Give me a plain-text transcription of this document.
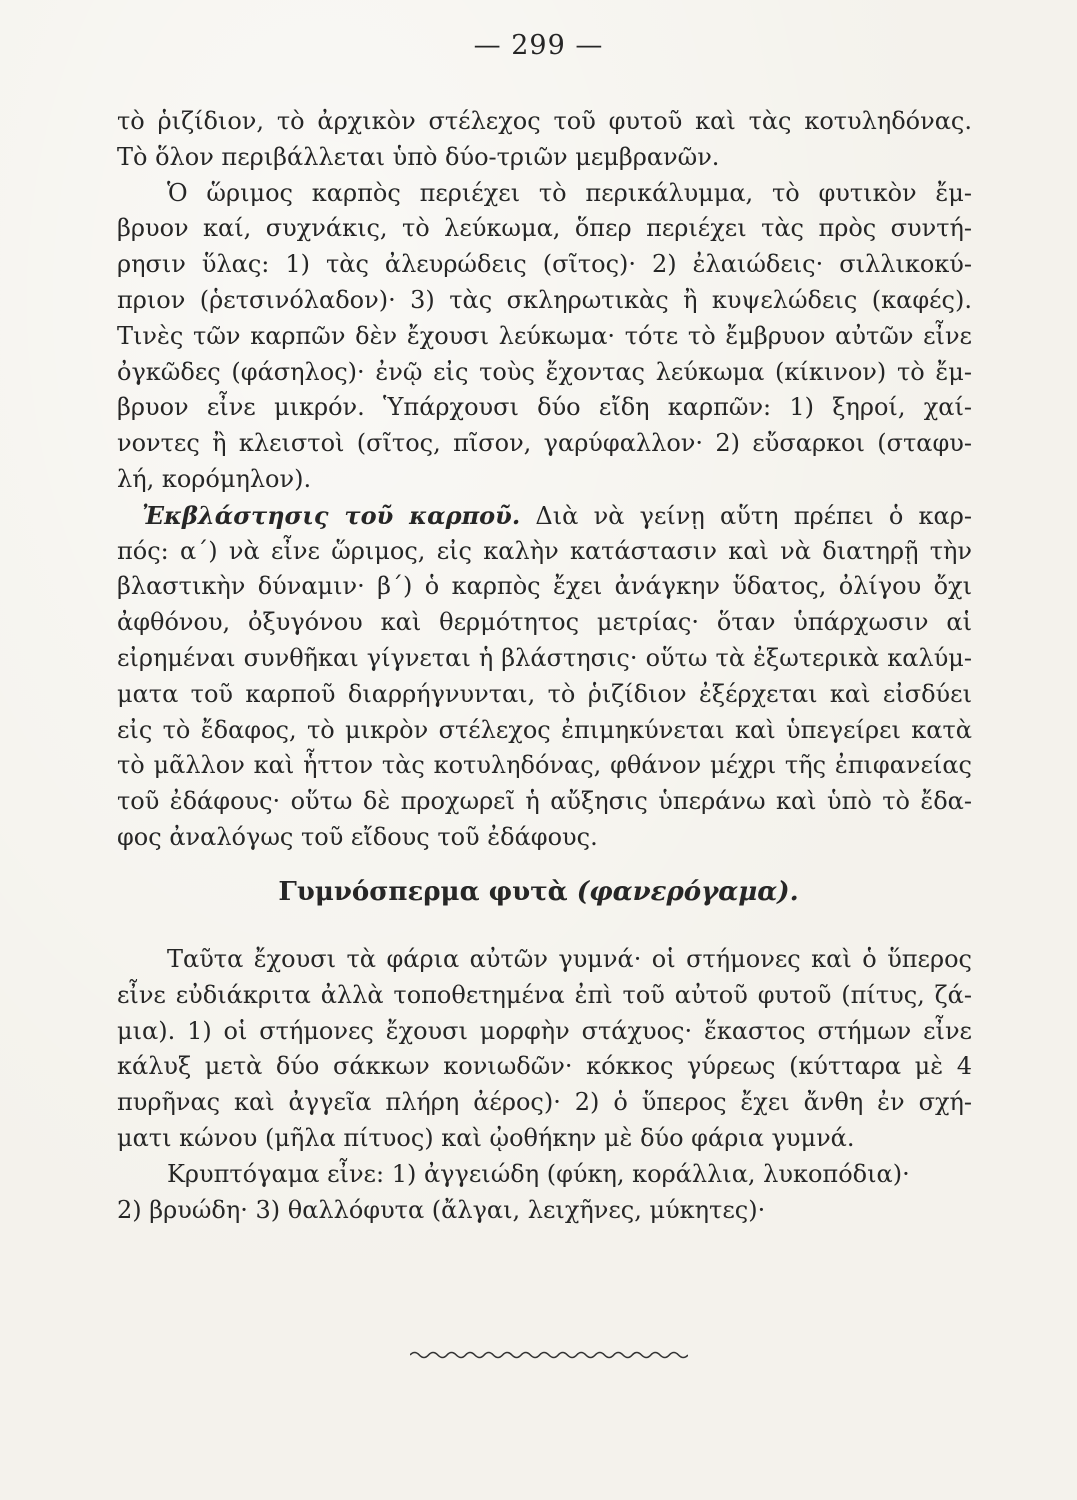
— 299 —
τὸ ῥιζίδιον, τὸ ἀρχικὸν στέλεχος τοῦ φυτοῦ καὶ τὰς κοτυληδόνας.
Τὸ ὅλον περιβάλλεται ὑπὸ δύο-τριῶν μεμβρανῶν.
Ὁ ὥριμος καρπὸς περιέχει τὸ περικάλυμμα, τὸ φυτικὸν ἔμ-
βρυον καί, συχνάκις, τὸ λεύκωμα, ὅπερ περιέχει τὰς πρὸς συντή-
ρησιν ὕλας: 1) τὰς ἀλευρώδεις (σῖτος)· 2) ἐλαιώδεις· σιλλικοκύ-
πριον (ῥετσινόλαδον)· 3) τὰς σκληρωτικὰς ἢ κυψελώδεις (καφές).
Τινὲς τῶν καρπῶν δὲν ἔχουσι λεύκωμα· τότε τὸ ἔμβρυον αὐτῶν εἶνε
ὀγκῶδες (φάσηλος)· ἐνῷ εἰς τοὺς ἔχοντας λεύκωμα (κίκινον) τὸ ἔμ-
βρυον εἶνε μικρόν. Ὑπάρχουσι δύο εἴδη καρπῶν: 1) ξηροί, χαί-
νοντες ἢ κλειστοὶ (σῖτος, πῖσον, γαρύφαλλον· 2) εὔσαρκοι (σταφυ-
λή, κορόμηλον).
Ἐκβλάστησις τοῦ καρποῦ. Διὰ νὰ γείνῃ αὕτη πρέπει ὁ καρ-
πός: α΄) νὰ εἶνε ὥριμος, εἰς καλὴν κατάστασιν καὶ νὰ διατηρῇ τὴν
βλαστικὴν δύναμιν· β΄) ὁ καρπὸς ἔχει ἀνάγκην ὕδατος, ὀλίγου ὄχι
ἀφθόνου, ὀξυγόνου καὶ θερμότητος μετρίας· ὅταν ὑπάρχωσιν αἱ
εἰρημέναι συνθῆκαι γίγνεται ἡ βλάστησις· οὕτω τὰ ἐξωτερικὰ καλύμ-
ματα τοῦ καρποῦ διαρρήγνυνται, τὸ ῥιζίδιον ἐξέρχεται καὶ εἰσδύει
εἰς τὸ ἔδαφος, τὸ μικρὸν στέλεχος ἐπιμηκύνεται καὶ ὑπεγείρει κατὰ
τὸ μᾶλλον καὶ ἧττον τὰς κοτυληδόνας, φθάνον μέχρι τῆς ἐπιφανείας
τοῦ ἐδάφους· οὕτω δὲ προχωρεῖ ἡ αὔξησις ὑπεράνω καὶ ὑπὸ τὸ ἔδα-
φος ἀναλόγως τοῦ εἴδους τοῦ ἐδάφους.
Γυμνόσπερμα φυτὰ (φανερόγαμα).
Ταῦτα ἔχουσι τὰ φάρια αὐτῶν γυμνά· οἱ στήμονες καὶ ὁ ὕπερος
εἶνε εὐδιάκριτα ἀλλὰ τοποθετημένα ἐπὶ τοῦ αὐτοῦ φυτοῦ (πίτυς, ζά-
μια). 1) οἱ στήμονες ἔχουσι μορφὴν στάχυος· ἕκαστος στήμων εἶνε
κάλυξ μετὰ δύο σάκκων κονιωδῶν· κόκκος γύρεως (κύτταρα μὲ 4
πυρῆνας καὶ ἀγγεῖα πλήρη ἀέρος)· 2) ὁ ὕπερος ἔχει ἄνθη ἐν σχή-
ματι κώνου (μῆλα πίτυος) καὶ ᾠοθήκην μὲ δύο φάρια γυμνά.
Κρυπτόγαμα εἶνε: 1) ἀγγειώδη (φύκη, κοράλλια, λυκοπόδια)·
2) βρυώδη· 3) θαλλόφυτα (ἄλγαι, λειχῆνες, μύκητες)·
